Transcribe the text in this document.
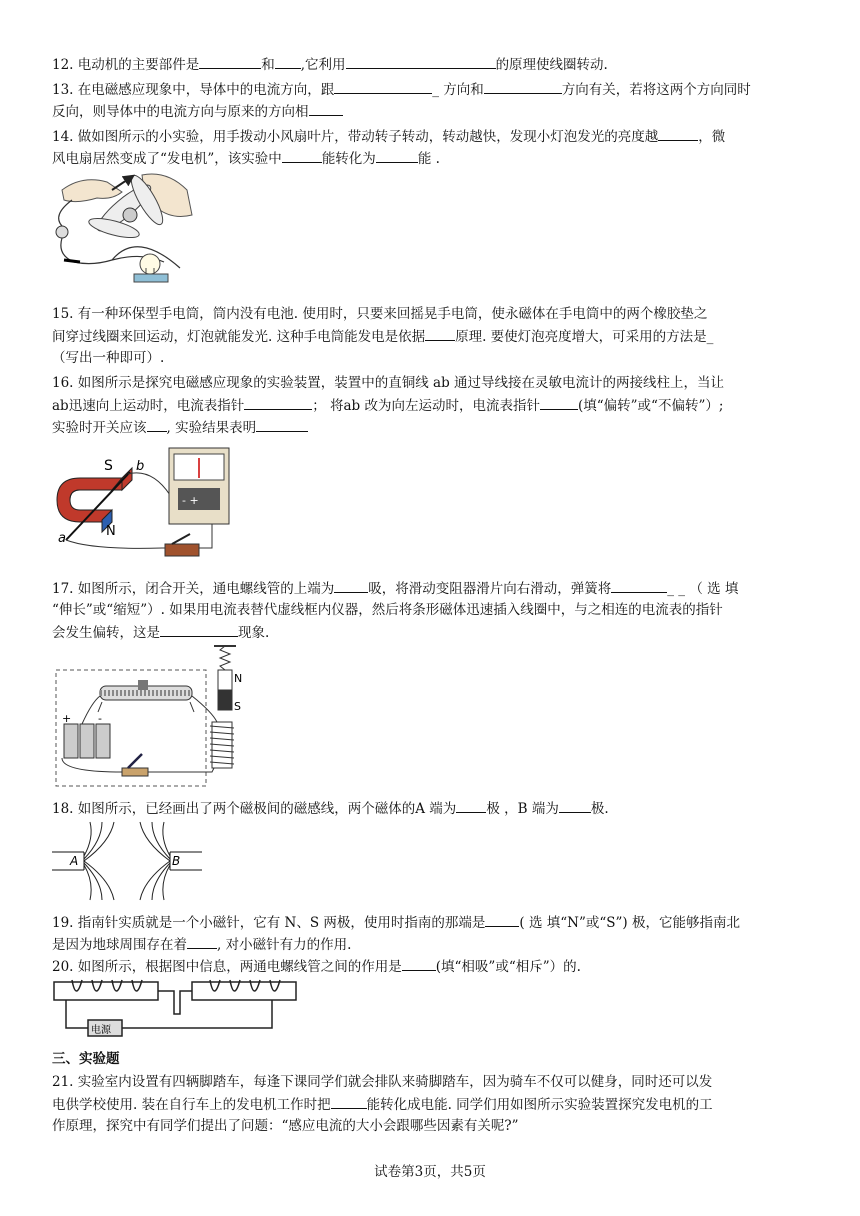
12. 电动机的主要部件是	和 ,它利用	的原理使线圈转动.
13. 在电磁感应现象中，导体中的电流方向，跟	_ 方向和	方向有关，若将这两个方向同时
反向，则导体中的电流方向与原来的方向相
14. 做如图所示的小实验，用手拨动小风扇叶片，带动转子转动，转动越快，发现小灯泡发光的亮度越	，微
风电扇居然变成了“发电机”，该实验中	能转化为	能 .
15. 有一种环保型手电筒，筒内没有电池. 使用时，只要来回摇晃手电筒，使永磁体在手电筒中的两个橡胶垫之
间穿过线圈来回运动，灯泡就能发光. 这种手电筒能发电是依据 原理. 要使灯泡亮度增大，可采用的方法是_
（写出一种即可）.
16. 如图所示是探究电磁感应现象的实验装置，装置中的直铜线 ab 通过导线接在灵敏电流计的两接线柱上，当让
ab迅速向上运动时，电流表指针	； 将ab 改为向左运动时，电流表指针	(填“偏转”或“不偏转”）;
实验时开关应该 , 实验结果表明
S
N
b
a
- +
17. 如图所示，闭合开关，通电螺线管的上端为	吸，将滑动变阻器滑片向右滑动，弹簧将	_ _ （ 选 填
“伸长”或“缩短”）. 如果用电流表替代虚线框内仪器，然后将条形磁体迅速插入线圈中，与之相连的电流表的指针
会发生偏转，这是	现象.
+ -
N
S
18. 如图所示，已经画出了两个磁极间的磁感线，两个磁体的A 端为 极 ，B 端为 极.
A	B
19. 指南针实质就是一个小磁针，它有 N、S 两极，使用时指南的那端是	( 选 填“N”或“S”) 极，它能够指南北
是因为地球周围存在着 , 对小磁针有力的作用.
20. 如图所示，根据图中信息，两通电螺线管之间的作用是	(填“相吸”或“相斥”）的.
电源
三、实验题
21. 实验室内设置有四辆脚踏车，每逢下课同学们就会排队来骑脚踏车，因为骑车不仅可以健身，同时还可以发
电供学校使用. 装在自行车上的发电机工作时把	能转化成电能. 同学们用如图所示实验装置探究发电机的工
作原理，探究中有同学们提出了问题：“感应电流的大小会跟哪些因素有关呢?”
试卷第3页，共5页
